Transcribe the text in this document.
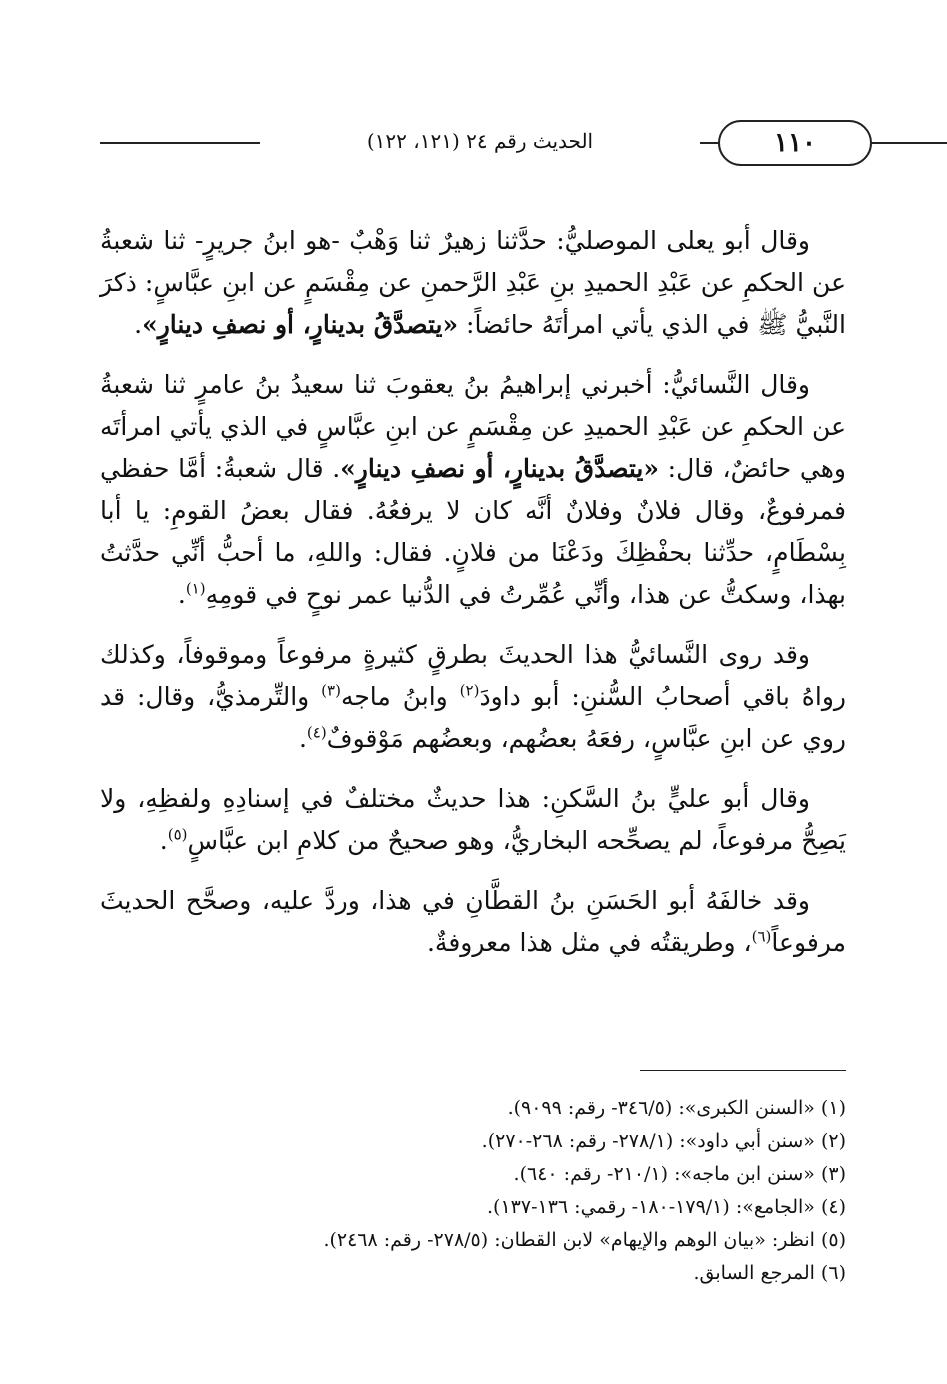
الحديث رقم ٢٤ (١٢١، ١٢٢)	١١٠

وقال أبو يعلى الموصليُّ: حدَّثنا زهيرٌ ثنا وَهْبٌ -هو ابنُ جريرٍ- ثنا شعبةُ عن الحكمِ عن عَبْدِ الحميدِ بنِ عَبْدِ الرَّحمنِ عن مِقْسَمٍ عن ابنِ عبَّاسٍ: ذكرَ النَّبيُّ ﷺ في الذي يأتي امرأتَهُ حائضاً: «يتصدَّقُ بدينارٍ، أو نصفِ دينارٍ».

وقال النَّسائيُّ: أخبرني إبراهيمُ بنُ يعقوبَ ثنا سعيدُ بنُ عامرٍ ثنا شعبةُ عن الحكمِ عن عَبْدِ الحميدِ عن مِقْسَمٍ عن ابنِ عبَّاسٍ في الذي يأتي امرأتَه وهي حائضٌ، قال: «يتصدَّقُ بدينارٍ، أو نصفِ دينارٍ». قال شعبةُ: أمَّا حفظي فمرفوعٌ، وقال فلانٌ وفلانٌ أنَّه كان لا يرفعُهُ. فقال بعضُ القومِ: يا أبا بِسْطَامٍ، حدِّثنا بحفْظِكَ ودَعْنَا من فلانٍ. فقال: واللهِ، ما أحبُّ أنِّي حدَّثتُ بهذا، وسكتُّ عن هذا، وأنِّي عُمِّرتُ في الدُّنيا عمر نوحٍ في قومِهِ$^{(١)}$.

وقد روى النَّسائيُّ هذا الحديثَ بطرقٍ كثيرةٍ مرفوعاً وموقوفاً، وكذلك رواهُ باقي أصحابُ السُّننِ: أبو داودَ$^{(٢)}$ وابنُ ماجه$^{(٣)}$ والتِّرمذيُّ، وقال: قد روي عن ابنِ عبَّاسٍ، رفعَهُ بعضُهم، وبعضُهم مَوْقوفٌ$^{(٤)}$.

وقال أبو عليٍّ بنُ السَّكنِ: هذا حديثٌ مختلفٌ في إسنادِهِ ولفظِهِ، ولا يَصِحُّ مرفوعاً، لم يصحِّحه البخاريُّ، وهو صحيحٌ من كلامِ ابن عبَّاسٍ$^{(٥)}$.

وقد خالفَهُ أبو الحَسَنِ بنُ القطَّانِ في هذا، وردَّ عليه، وصحَّح الحديثَ مرفوعاً$^{(٦)}$، وطريقتُه في مثل هذا معروفةٌ.

(١) «السنن الكبرى»: (٣٤٦/٥- رقم: ٩٠٩٩).

(٢) «سنن أبي داود»: (٢٧٨/١- رقم: ٢٦٨-٢٧٠).

(٣) «سنن ابن ماجه»: (٢١٠/١- رقم: ٦٤٠).

(٤) «الجامع»: (١٧٩/١-١٨٠- رقمي: ١٣٦-١٣٧).

(٥) انظر: «بيان الوهم والإيهام» لابن القطان: (٢٧٨/٥- رقم: ٢٤٦٨).

(٦) المرجع السابق.
